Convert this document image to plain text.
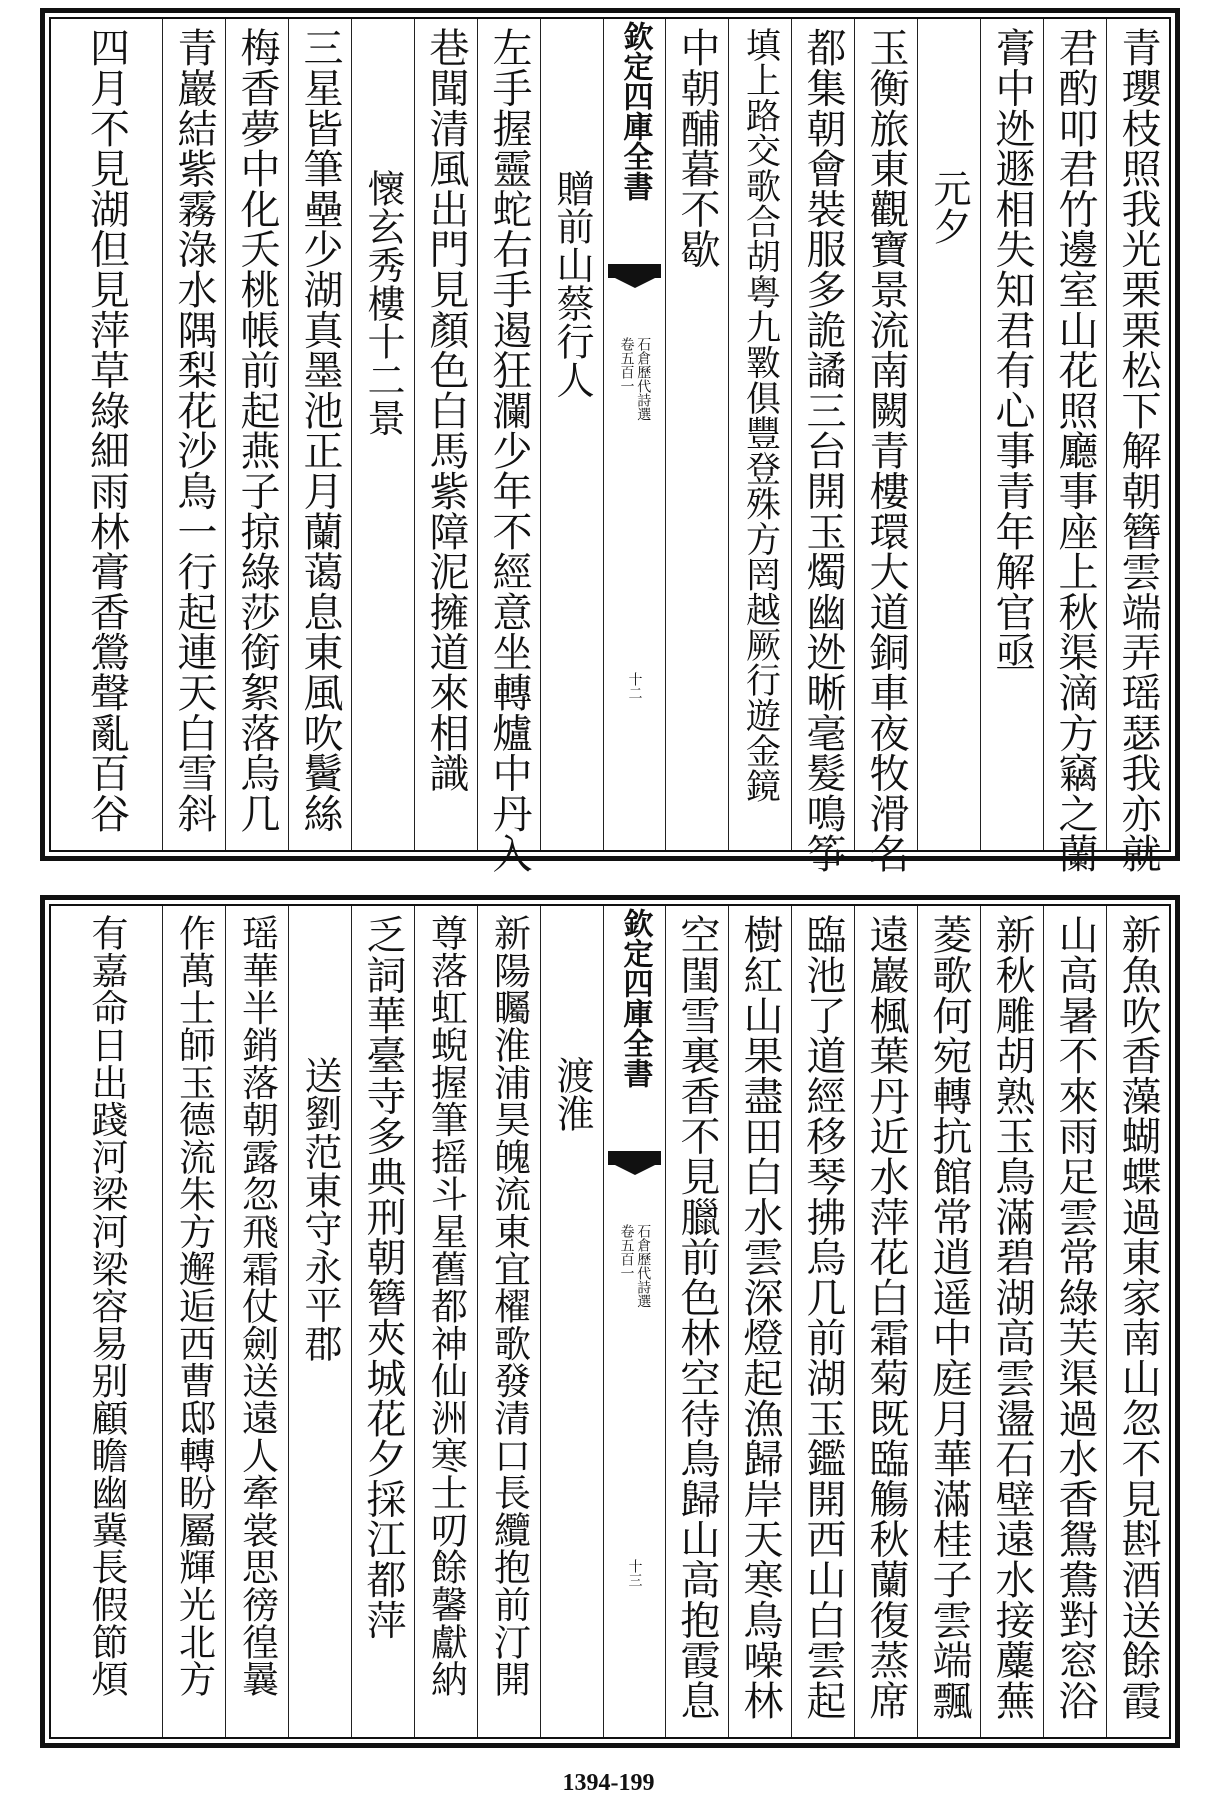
青瓔枝照我光栗栗松下解朝簪雲端弄瑶瑟我亦就
君酌叩君竹邊室山花照廳事座上秋渠滴方竊之蘭
膏中迯遯相失知君有心事青年解官亟
元夕
玉衡旅東觀寶景流南闕青樓環大道銅車夜牧滑名
都集朝會裝服多詭譎三台開玉燭幽迯晰毫髮鳴筝
填上路交歌合胡粤九斁俱豐登殊方罔越厥行遊金鏡
中朝酺暮不歇
欽定四庫全書
石倉歷代詩選
卷五百一
十二
贈前山蔡行人
左手握靈蛇右手遏狂瀾少年不經意坐轉爐中丹入
巷聞清風出門見顏色白馬紫障泥擁道來相識
懷玄秀樓十二景
三星皆筆壘少湖真墨池正月蘭蔼息東風吹鬢絲
梅香夢中化夭桃帳前起燕子掠綠莎銜絮落烏几
青巖結紫霧淥水隅梨花沙鳥一行起連天白雪斜
四月不見湖但見萍草綠細雨林膏香鶯聲亂百谷
新魚吹香藻蝴蝶過東家南山忽不見斟酒送餘霞
山高暑不來雨足雲常綠芙渠過水香鴛鴦對窓浴
新秋雕胡熟玉鳥滿碧湖高雲盪石壁遠水接蘪蕪
菱歌何宛轉抗館常逍遥中庭月華滿桂子雲端飄
遠巖楓葉丹近水萍花白霜菊既臨觴秋蘭復蒸席
臨池了道經移琴拂烏几前湖玉鑑開西山白雲起
樹紅山果盡田白水雲深燈起漁歸岸天寒鳥噪林
空閨雪裏香不見臘前色林空待鳥歸山高抱霞息
欽定四庫全書
石倉歷代詩選
卷五百一
十三
渡淮
新陽矚淮浦昊魄流東宜櫂歌發清口長纜抱前汀開
尊落虹蜺握筆摇斗星舊都神仙洲寒士叨餘馨獻納
乏詞華臺寺多典刑朝簪夾城花夕採江都萍
送劉范東守永平郡
瑶華半銷落朝露忽飛霜仗劍送遠人牽裳思徬徨曩
作萬士師玉德流朱方邂逅西曹邸轉盼屬輝光北方
有嘉命日出踐河梁河梁容易别顧瞻幽冀長假節煩
1394-199
